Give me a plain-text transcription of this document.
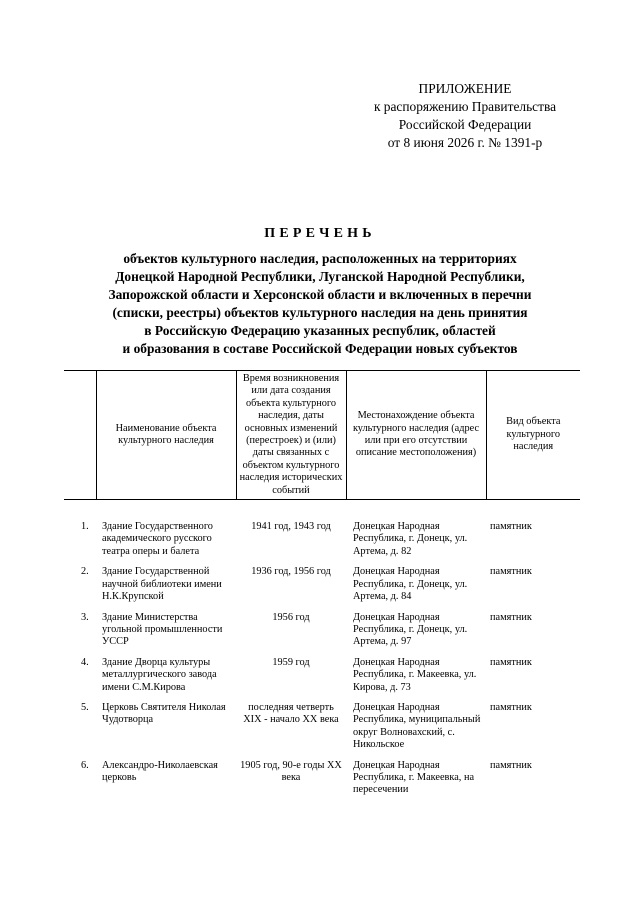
ПРИЛОЖЕНИЕ
к распоряжению Правительства
Российской Федерации
от 8 июня 2026 г. № 1391-р
ПЕРЕЧЕНЬ
объектов культурного наследия, расположенных на территориях
Донецкой Народной Республики, Луганской Народной Республики,
Запорожской области и Херсонской области и включенных в перечни
(списки, реестры) объектов культурного наследия на день принятия
в Российскую Федерацию указанных республик, областей
и образования в составе Российской Федерации новых субъектов
	Наименование объекта культурного наследия	Время возникновения или дата создания объекта культурного наследия, даты основных изменений (перестроек) и (или) даты связанных с объектом культурного наследия исторических событий	Местонахождение объекта культурного наследия (адрес или при его отсутствии описание местоположения)	Вид объекта культурного наследия
1.	Здание Государственного академического русского театра оперы и балета	1941 год, 1943 год	Донецкая Народная Республика, г. Донецк, ул. Артема, д. 82	памятник
2.	Здание Государственной научной библиотеки имени Н.К.Крупской	1936 год, 1956 год	Донецкая Народная Республика, г. Донецк, ул. Артема, д. 84	памятник
3.	Здание Министерства угольной промышленности УССР	1956 год	Донецкая Народная Республика, г. Донецк, ул. Артема, д. 97	памятник
4.	Здание Дворца культуры металлургического завода имени С.М.Кирова	1959 год	Донецкая Народная Республика, г. Макеевка, ул. Кирова, д. 73	памятник
5.	Церковь Святителя Николая Чудотворца	последняя четверть XIX - начало XX века	Донецкая Народная Республика, муниципальный округ Волновахский, с. Никольское	памятник
6.	Александро-Николаевская церковь	1905 год, 90-е годы XX века	Донецкая Народная Республика, г. Макеевка, на пересечении	памятник
